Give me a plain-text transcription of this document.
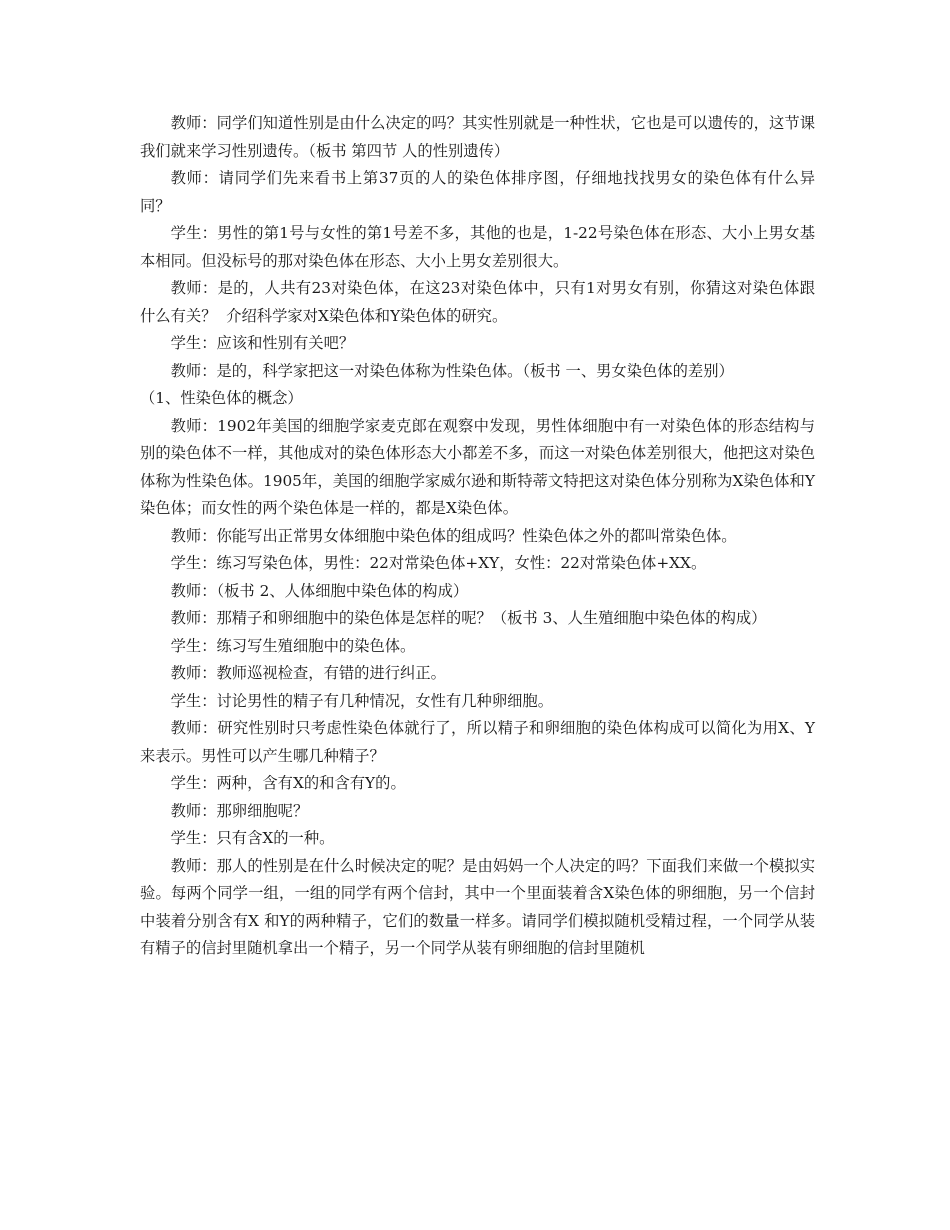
教师：同学们知道性别是由什么决定的吗？其实性别就是一种性状，它也是可以遗传的，这节课我们就来学习性别遗传。（板书 第四节 人的性别遗传）

教师：请同学们先来看书上第37页的人的染色体排序图，仔细地找找男女的染色体有什么异同？

学生：男性的第1号与女性的第1号差不多，其他的也是，1-22号染色体在形态、大小上男女基本相同。但没标号的那对染色体在形态、大小上男女差别很大。

教师：是的，人共有23对染色体，在这23对染色体中，只有1对男女有别，你猜这对染色体跟什么有关？  介绍科学家对X染色体和Y染色体的研究。

学生：应该和性别有关吧？

教师：是的，科学家把这一对染色体称为性染色体。（板书 一、男女染色体的差别）

（1、性染色体的概念）

教师：1902年美国的细胞学家麦克郎在观察中发现，男性体细胞中有一对染色体的形态结构与别的染色体不一样，其他成对的染色体形态大小都差不多，而这一对染色体差别很大，他把这对染色体称为性染色体。1905年，美国的细胞学家威尔逊和斯特蒂文特把这对染色体分别称为X染色体和Y染色体；而女性的两个染色体是一样的，都是X染色体。

教师：你能写出正常男女体细胞中染色体的组成吗？性染色体之外的都叫常染色体。

学生：练习写染色体，男性：22对常染色体+XY，女性：22对常染色体+XX。

教师：（板书 2、人体细胞中染色体的构成）

教师：那精子和卵细胞中的染色体是怎样的呢？（板书 3、人生殖细胞中染色体的构成）

学生：练习写生殖细胞中的染色体。

教师：教师巡视检查，有错的进行纠正。

学生：讨论男性的精子有几种情况，女性有几种卵细胞。

教师：研究性别时只考虑性染色体就行了，所以精子和卵细胞的染色体构成可以简化为用X、Y来表示。男性可以产生哪几种精子？

学生：两种，含有X的和含有Y的。

教师：那卵细胞呢？

学生：只有含X的一种。

教师：那人的性别是在什么时候决定的呢？是由妈妈一个人决定的吗？下面我们来做一个模拟实验。每两个同学一组，一组的同学有两个信封，其中一个里面装着含X染色体的卵细胞，另一个信封中装着分别含有X 和Y的两种精子，它们的数量一样多。请同学们模拟随机受精过程，一个同学从装有精子的信封里随机拿出一个精子，另一个同学从装有卵细胞的信封里随机
